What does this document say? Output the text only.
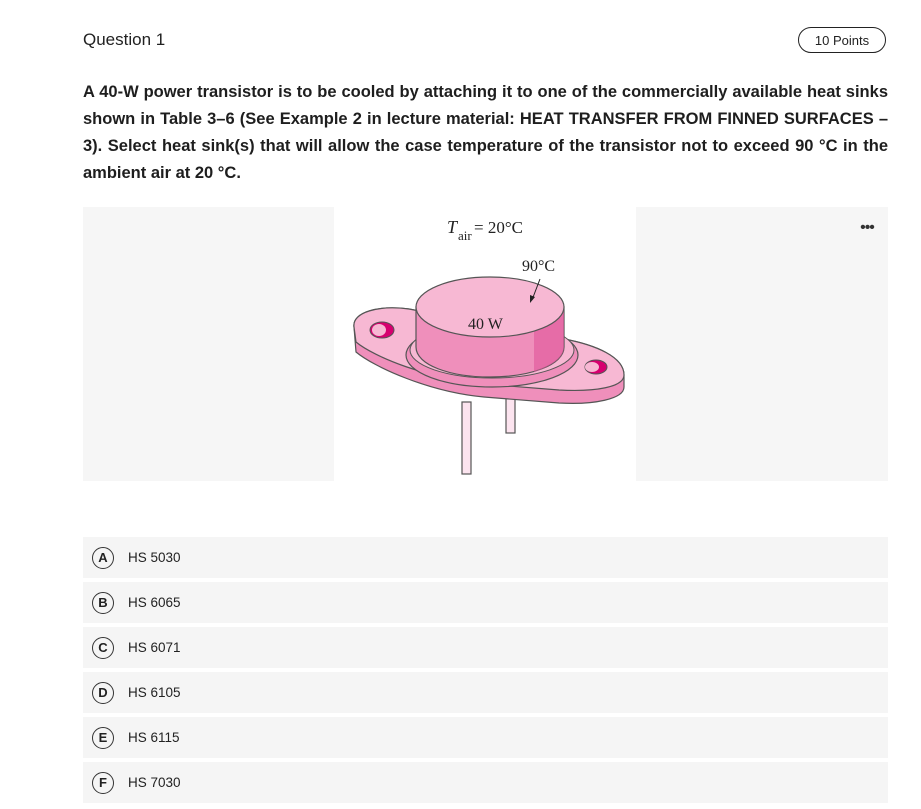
Question 1	10 Points

A 40-W power transistor is to be cooled by attaching it to one of the commercially available heat sinks shown in Table 3–6 (See Example 2 in lecture material: HEAT TRANSFER FROM FINNED SURFACES – 3). Select heat sink(s) that will allow the case temperature of the transistor not to exceed 90 °C in the ambient air at 20 °C.

T air = 20°C
90°C
40 W
•••
A	HS 5030
B	HS 6065
C	HS 6071
D	HS 6105
E	HS 6115
F	HS 7030
